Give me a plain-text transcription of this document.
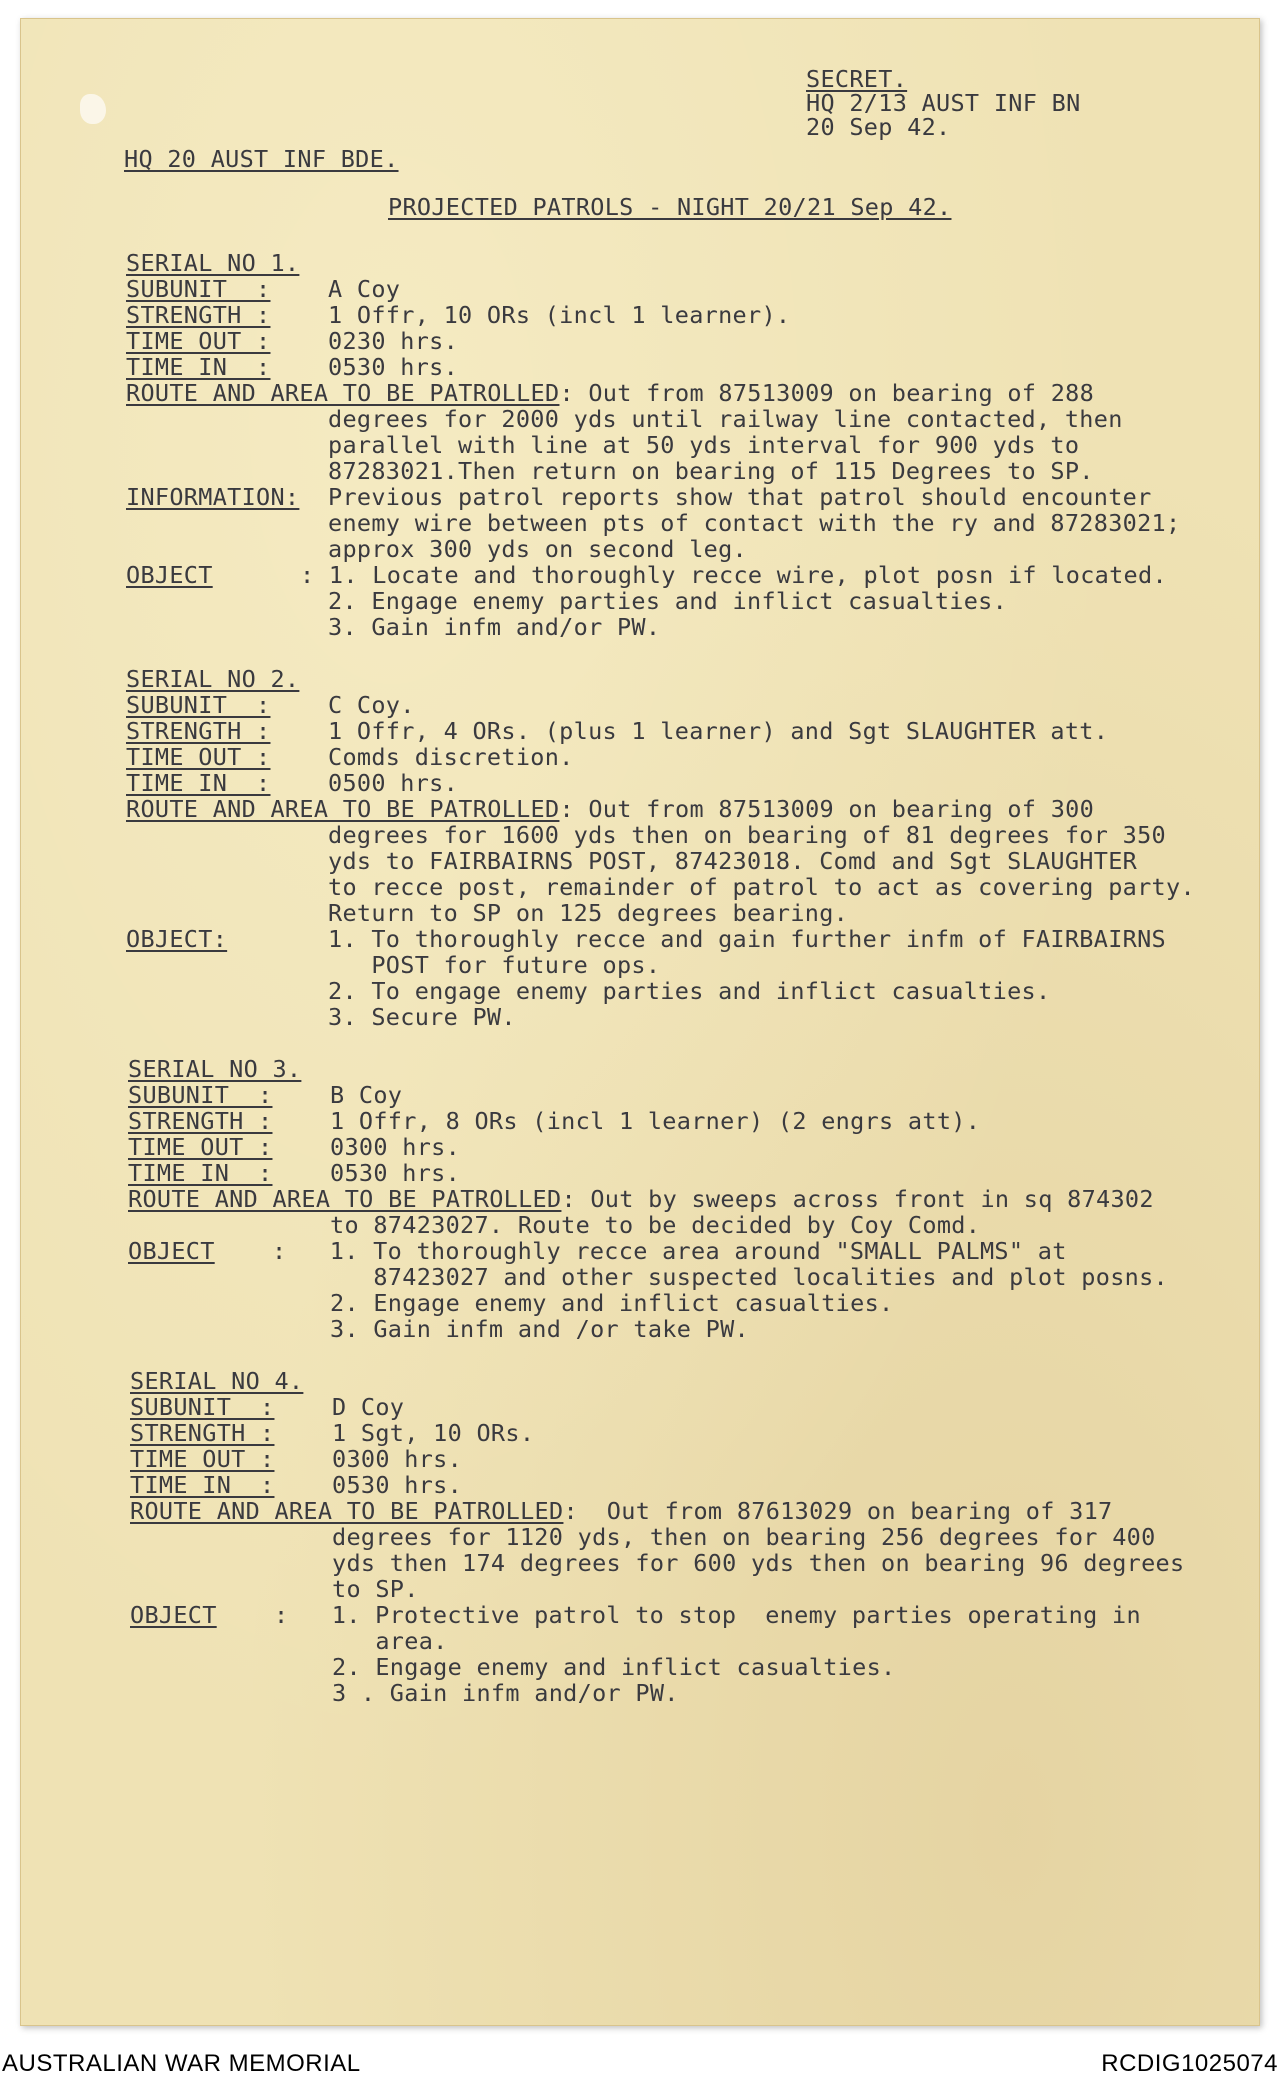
SECRET.
HQ 2/13 AUST INF BN
20 Sep 42.
HQ 20 AUST INF BDE.
PROJECTED PATROLS - NIGHT 20/21 Sep 42.
SERIAL NO 1.
SUBUNIT  : A Coy
STRENGTH : 1 Offr, 10 ORs (incl 1 learner).
TIME OUT : 0230 hrs.
TIME IN  : 0530 hrs.
ROUTE AND AREA TO BE PATROLLED: Out from 87513009 on bearing of 288
degrees for 2000 yds until railway line contacted, then
parallel with line at 50 yds interval for 900 yds to
87283021.Then return on bearing of 115 Degrees to SP.
INFORMATION: Previous patrol reports show that patrol should encounter
enemy wire between pts of contact with the ry and 87283021;
approx 300 yds on second leg.
OBJECT	: 1. Locate and thoroughly recce wire, plot posn if located.
2. Engage enemy parties and inflict casualties.
3. Gain infm and/or PW.
SERIAL NO 2.
SUBUNIT  : C Coy.
STRENGTH : 1 Offr, 4 ORs. (plus 1 learner) and Sgt SLAUGHTER att.
TIME OUT : Comds discretion.
TIME IN  : 0500 hrs.
ROUTE AND AREA TO BE PATROLLED: Out from 87513009 on bearing of 300
degrees for 1600 yds then on bearing of 81 degrees for 350
yds to FAIRBAIRNS POST, 87423018. Comd and Sgt SLAUGHTER
to recce post, remainder of patrol to act as covering party.
Return to SP on 125 degrees bearing.
OBJECT:	1. To thoroughly recce and gain further infm of FAIRBAIRNS
POST for future ops.
2. To engage enemy parties and inflict casualties.
3. Secure PW.
SERIAL NO 3.
SUBUNIT  : B Coy
STRENGTH : 1 Offr, 8 ORs (incl 1 learner) (2 engrs att).
TIME OUT : 0300 hrs.
TIME IN  : 0530 hrs.
ROUTE AND AREA TO BE PATROLLED: Out by sweeps across front in sq 874302
to 87423027. Route to be decided by Coy Comd.
OBJECT :   1. To thoroughly recce area around "SMALL PALMS" at
87423027 and other suspected localities and plot posns.
2. Engage enemy and inflict casualties.
3. Gain infm and /or take PW.
SERIAL NO 4.
SUBUNIT  : D Coy
STRENGTH : 1 Sgt, 10 ORs.
TIME OUT : 0300 hrs.
TIME IN  : 0530 hrs.
ROUTE AND AREA TO BE PATROLLED:  Out from 87613029 on bearing of 317
degrees for 1120 yds, then on bearing 256 degrees for 400
yds then 174 degrees for 600 yds then on bearing 96 degrees
to SP.
OBJECT :   1. Protective patrol to stop  enemy parties operating in
area.
2. Engage enemy and inflict casualties.
3 . Gain infm and/or PW.
AUSTRALIAN WAR MEMORIAL	RCDIG1025074
